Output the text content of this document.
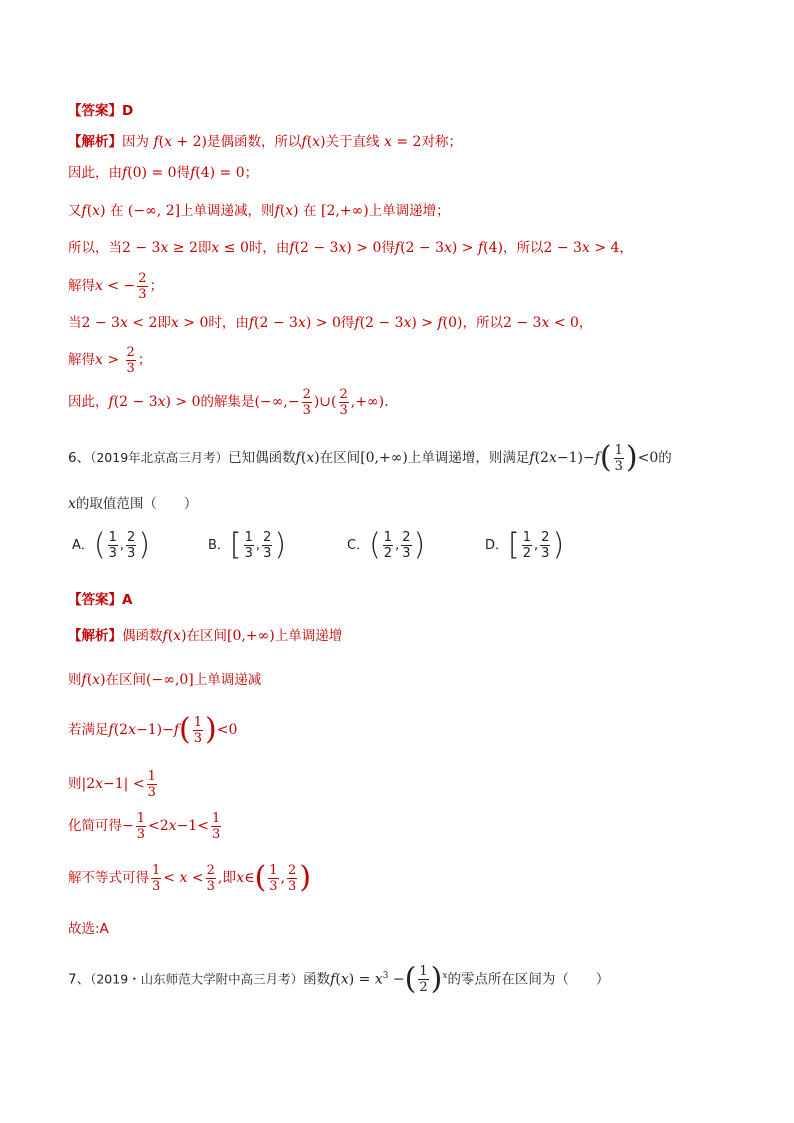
【答案】D
【解析】因为 f(x + 2)是偶函数，所以f(x)关于直线 x = 2对称；
因此，由f(0) = 0得f(4) = 0；
又f(x) 在 (−∞, 2]上单调递减，则f(x) 在 [2,+∞)上单调递增；
所以，当2 − 3x ≥ 2即x ≤ 0时，由f(2 − 3x) > 0得f(2 − 3x) > f(4)，所以2 − 3x > 4，
解得x < − $\frac{2}{3}$ ；
当2 − 3x < 2即x > 0时，由f(2 − 3x) > 0得f(2 − 3x) > f(0)，所以2 − 3x < 0，
解得$x > \frac{2}{3}$ ；
因此，f(2 − 3x) > 0的解集是(−∞,− $\frac{2}{3}$ )∪( $\frac{2}{3}$ ,+∞).
6、（2019年北京高三月考）已知偶函数f(x)在区间[0,+∞)上单调递增，则满足$f(2x-1)-f( \frac{1}{3} )<0$的
x的取值范围（　　）
A．( $\frac{1}{3}$ , $\frac{2}{3}$ )	B．[ $\frac{1}{3}$ , $\frac{2}{3}$ )	C．( $\frac{1}{2}$ , $\frac{2}{3}$ )	D．[ $\frac{1}{2}$ , $\frac{2}{3}$ )
【答案】A
【解析】偶函数f(x)在区间[0,+∞)上单调递增
则f(x)在区间(−∞,0]上单调递减
若满足$f(2x-1)-f( \frac{1}{3} )<0$
则$|2x-1| < \frac{1}{3}$
化简可得− $\frac{1}{3} <2x-1< \frac{1}{3}$
解不等式可得 $\frac{1}{3} < x < \frac{2}{3}$ ,即x∈( $\frac{1}{3}$ , $\frac{2}{3}$ )
故选:A
7、（2019・山东师范大学附中高三月考）函数$f(x) = x^3$ −( $\frac{1}{2} )^x$的零点所在区间为（　　）
